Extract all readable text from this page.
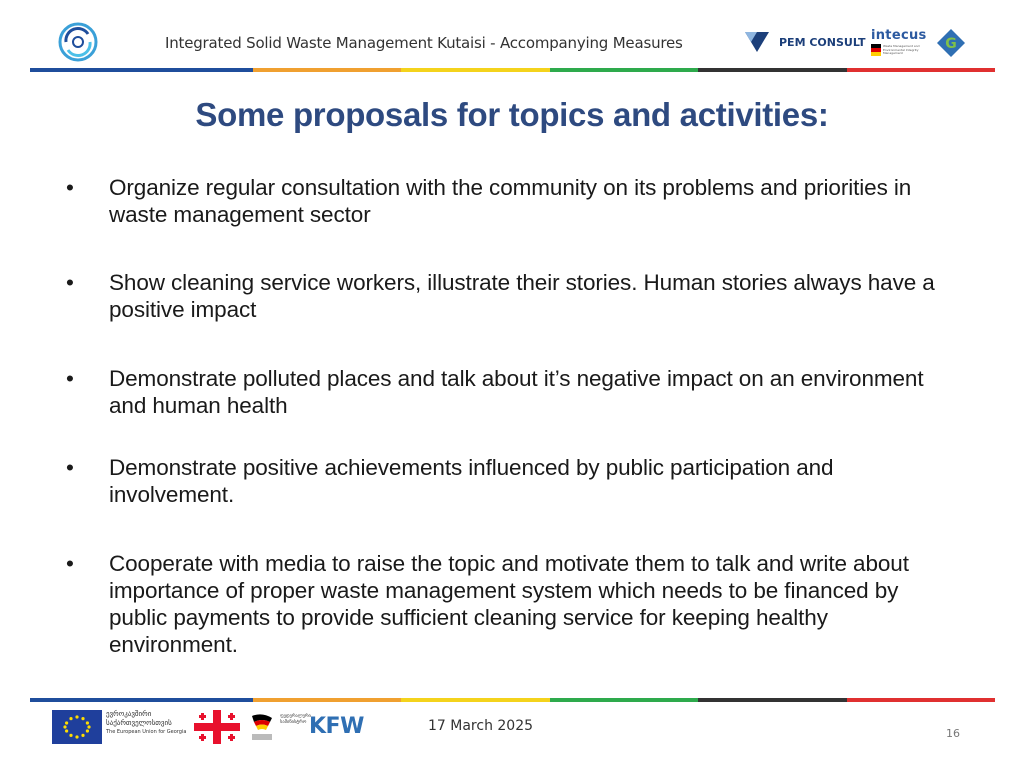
Integrated Solid Waste Management Kutaisi - Accompanying Measures	PEM CONSULT intecus
Waste Management and Environmental Integrity Management
G
Some proposals for topics and activities:
•	Organize regular consultation with the community on its problems and priorities in waste management sector
•	Show cleaning service workers, illustrate their stories. Human stories always have a positive impact
•	Demonstrate polluted places and talk about it’s negative impact on an environment and human health
•	Demonstrate positive achievements influenced by public participation and involvement.
•	Cooperate with media to raise the topic and motivate them to talk and write about importance of proper waste management system which needs to be financed by public payments to provide sufficient cleaning service for keeping healthy environment.
ევროკავშირი
საქართველოსთვის
The European Union for Georgia
ფედერალური სამინისტრო KFW	17 March 2025	16
